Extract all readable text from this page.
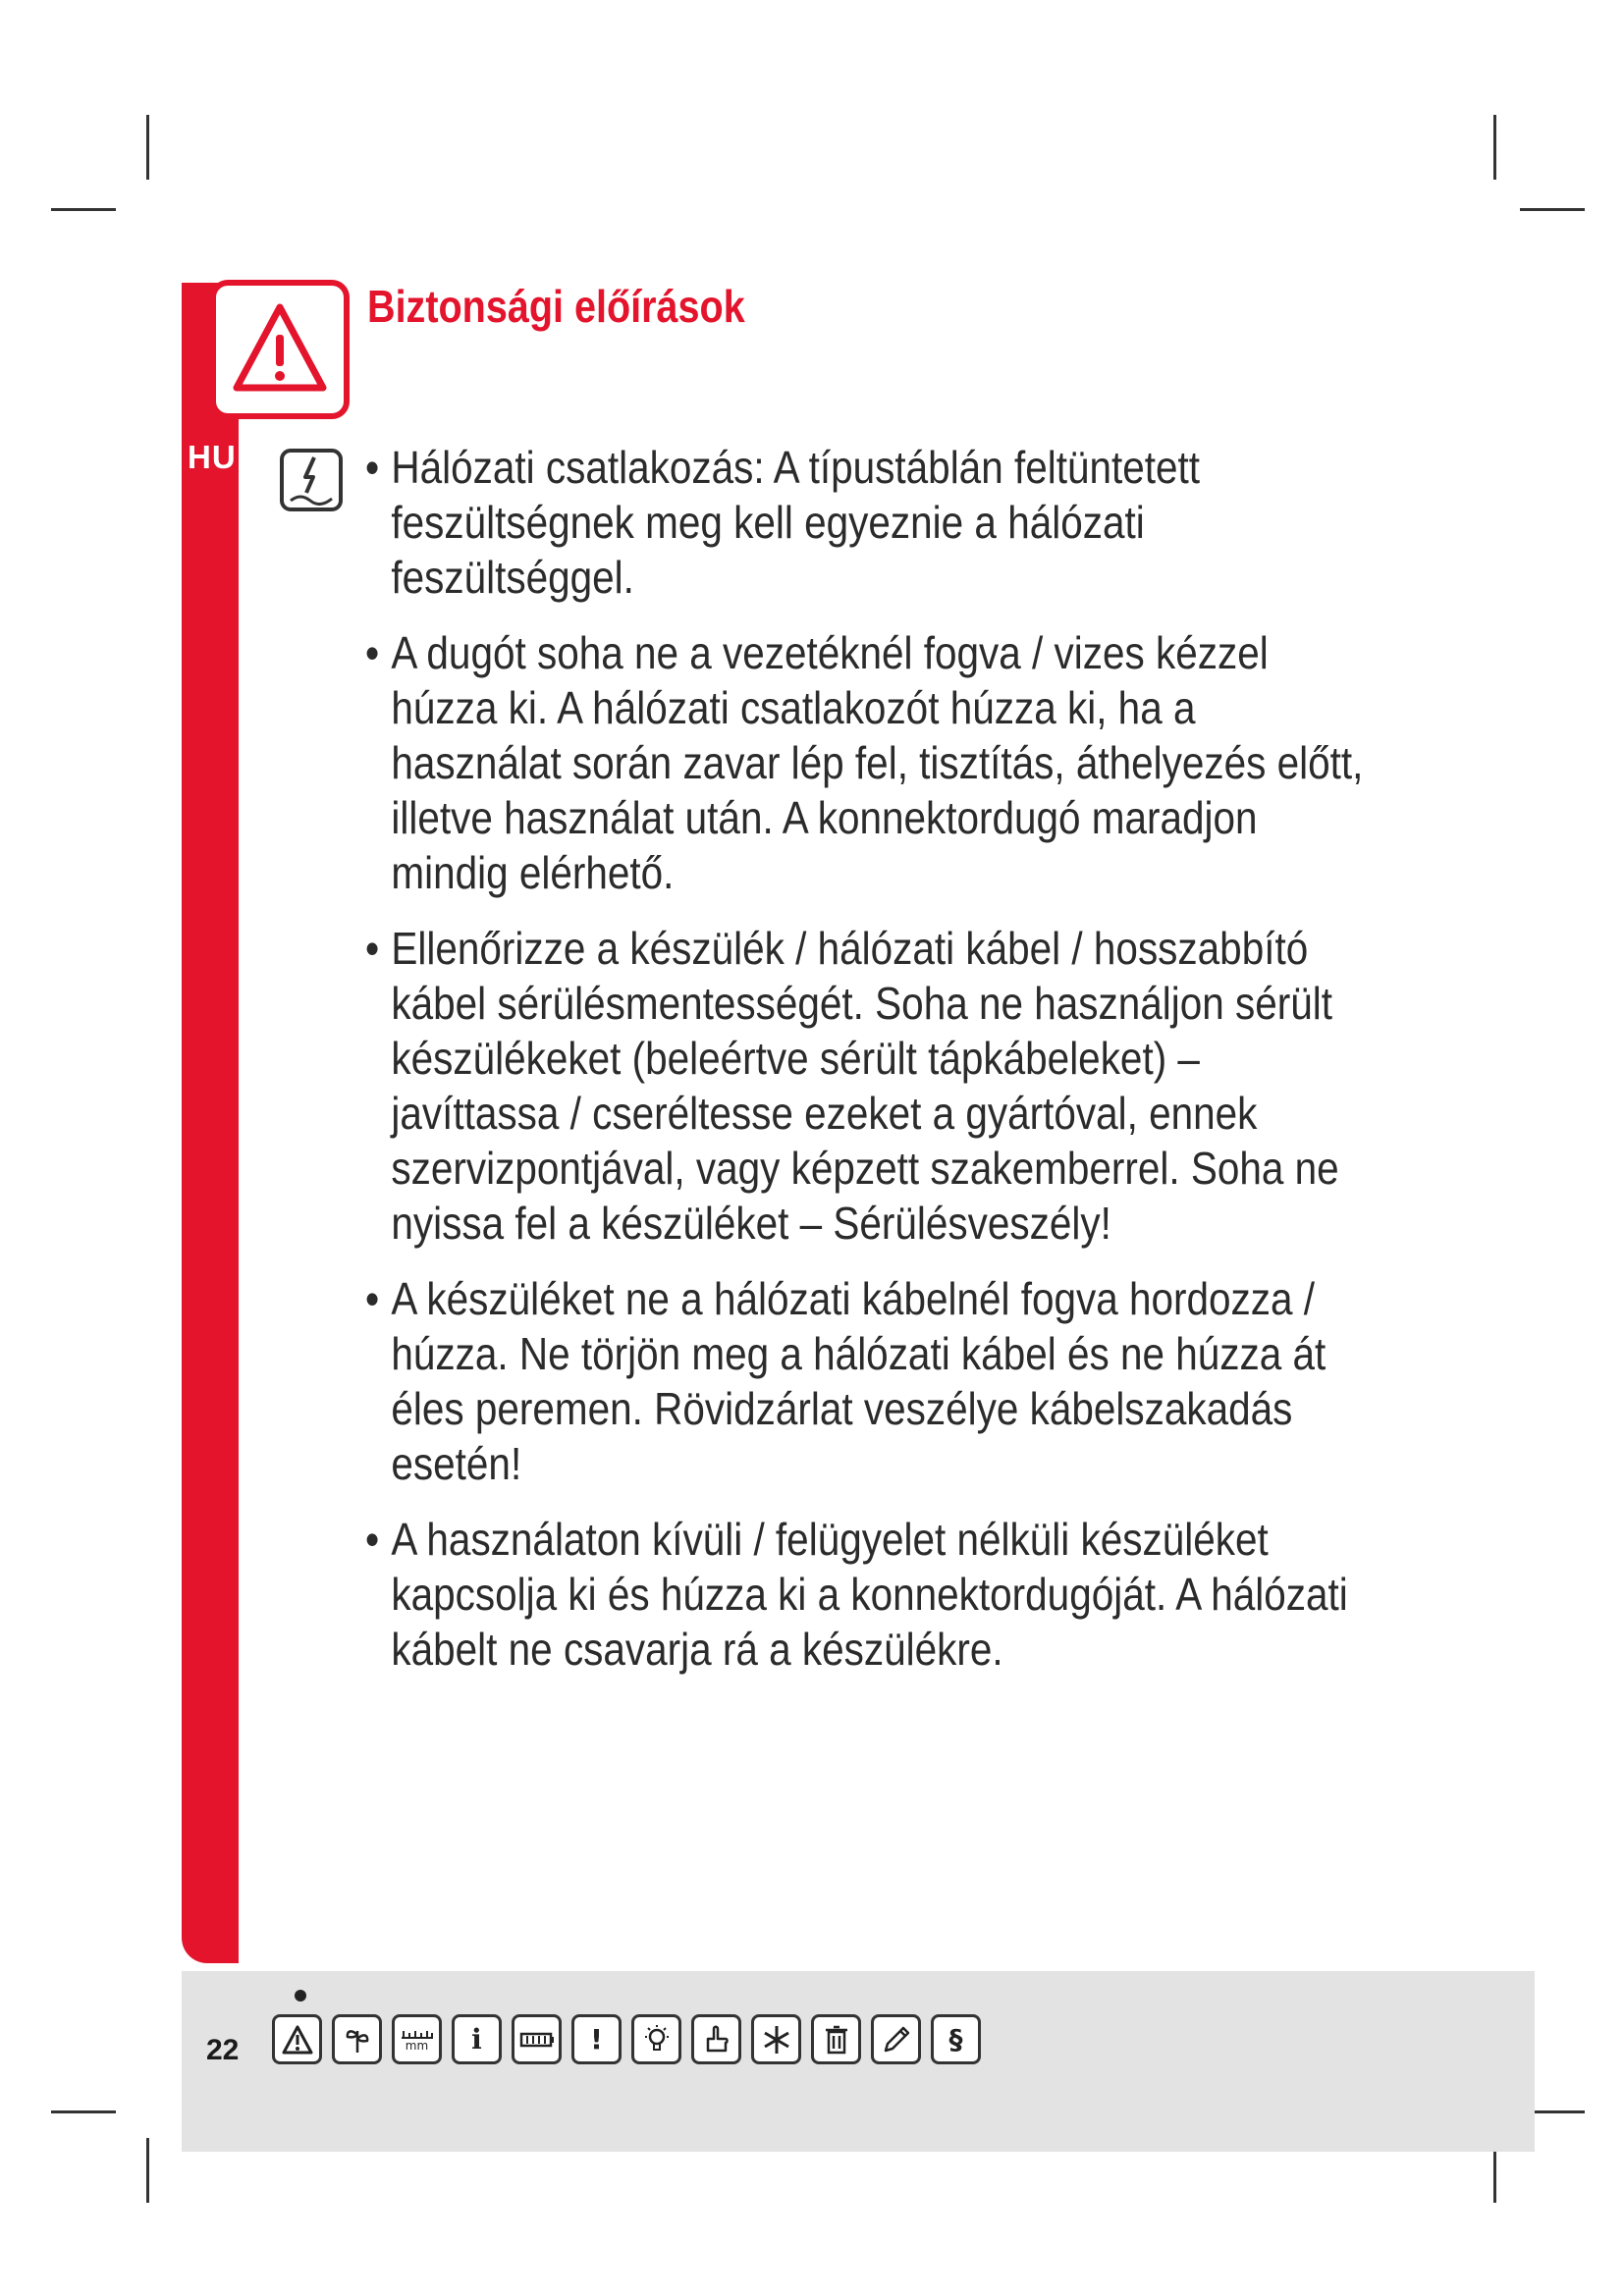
HU
Biztonsági előírások
• Hálózati csatlakozás: A típustáblán feltüntetett feszültségnek meg kell egyeznie a hálózati feszültséggel.
• A dugót soha ne a vezetéknél fogva / vizes kézzel húzza ki. A hálózati csatlakozót húzza ki, ha a használat során zavar lép fel, tisztítás, áthelyezés előtt, illetve használat után. A konnektordugó maradjon mindig elérhető.
• Ellenőrizze a készülék / hálózati kábel / hosszabbító kábel sérülésmentességét. Soha ne használjon sérült készülékeket (beleértve sérült tápkábeleket) – javíttassa / cseréltesse ezeket a gyártóval, ennek szervizpontjával, vagy képzett szakemberrel. Soha ne nyissa fel a készüléket – Sérülésveszély!
• A készüléket ne a hálózati kábelnél fogva hordozza / húzza. Ne törjön meg a hálózati kábel és ne húzza át éles peremen. Rövidzárlat veszélye kábelszakadás esetén!
• A használaton kívüli / felügyelet nélküli készüléket kapcsolja ki és húzza ki a konnektordugóját. A hálózati kábelt ne csavarja rá a készülékre.
22	mm i	!	§
